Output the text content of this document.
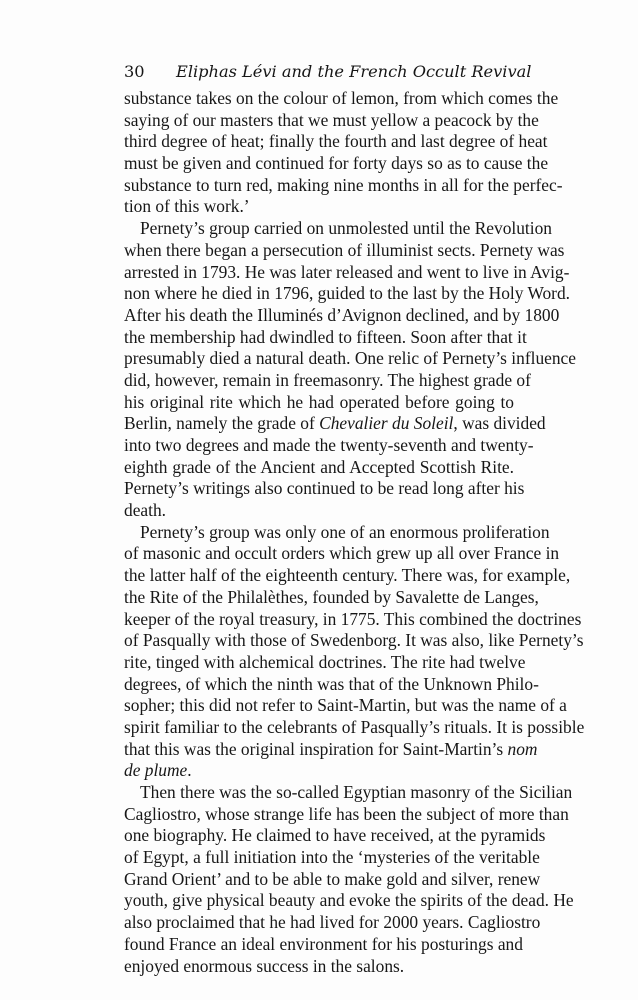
30 Eliphas Lévi and the French Occult Revival
substance takes on the colour of lemon, from which comes the
saying of our masters that we must yellow a peacock by the
third degree of heat; finally the fourth and last degree of heat
must be given and continued for forty days so as to cause the
substance to turn red, making nine months in all for the perfec-
tion of this work.’
Pernety’s group carried on unmolested until the Revolution
when there began a persecution of illuminist sects. Pernety was
arrested in 1793. He was later released and went to live in Avig-
non where he died in 1796, guided to the last by the Holy Word.
After his death the Illuminés d’Avignon declined, and by 1800
the membership had dwindled to fifteen. Soon after that it
presumably died a natural death. One relic of Pernety’s influence
did, however, remain in freemasonry. The highest grade of
his original rite which he had operated before going to
Berlin, namely the grade of Chevalier du Soleil, was divided
into two degrees and made the twenty-seventh and twenty-
eighth grade of the Ancient and Accepted Scottish Rite.
Pernety’s writings also continued to be read long after his
death.
Pernety’s group was only one of an enormous proliferation
of masonic and occult orders which grew up all over France in
the latter half of the eighteenth century. There was, for example,
the Rite of the Philalèthes, founded by Savalette de Langes,
keeper of the royal treasury, in 1775. This combined the doctrines
of Pasqually with those of Swedenborg. It was also, like Pernety’s
rite, tinged with alchemical doctrines. The rite had twelve
degrees, of which the ninth was that of the Unknown Philo-
sopher; this did not refer to Saint-Martin, but was the name of a
spirit familiar to the celebrants of Pasqually’s rituals. It is possible
that this was the original inspiration for Saint-Martin’s nom
de plume.
Then there was the so-called Egyptian masonry of the Sicilian
Cagliostro, whose strange life has been the subject of more than
one biography. He claimed to have received, at the pyramids
of Egypt, a full initiation into the ‘mysteries of the veritable
Grand Orient’ and to be able to make gold and silver, renew
youth, give physical beauty and evoke the spirits of the dead. He
also proclaimed that he had lived for 2000 years. Cagliostro
found France an ideal environment for his posturings and
enjoyed enormous success in the salons.
